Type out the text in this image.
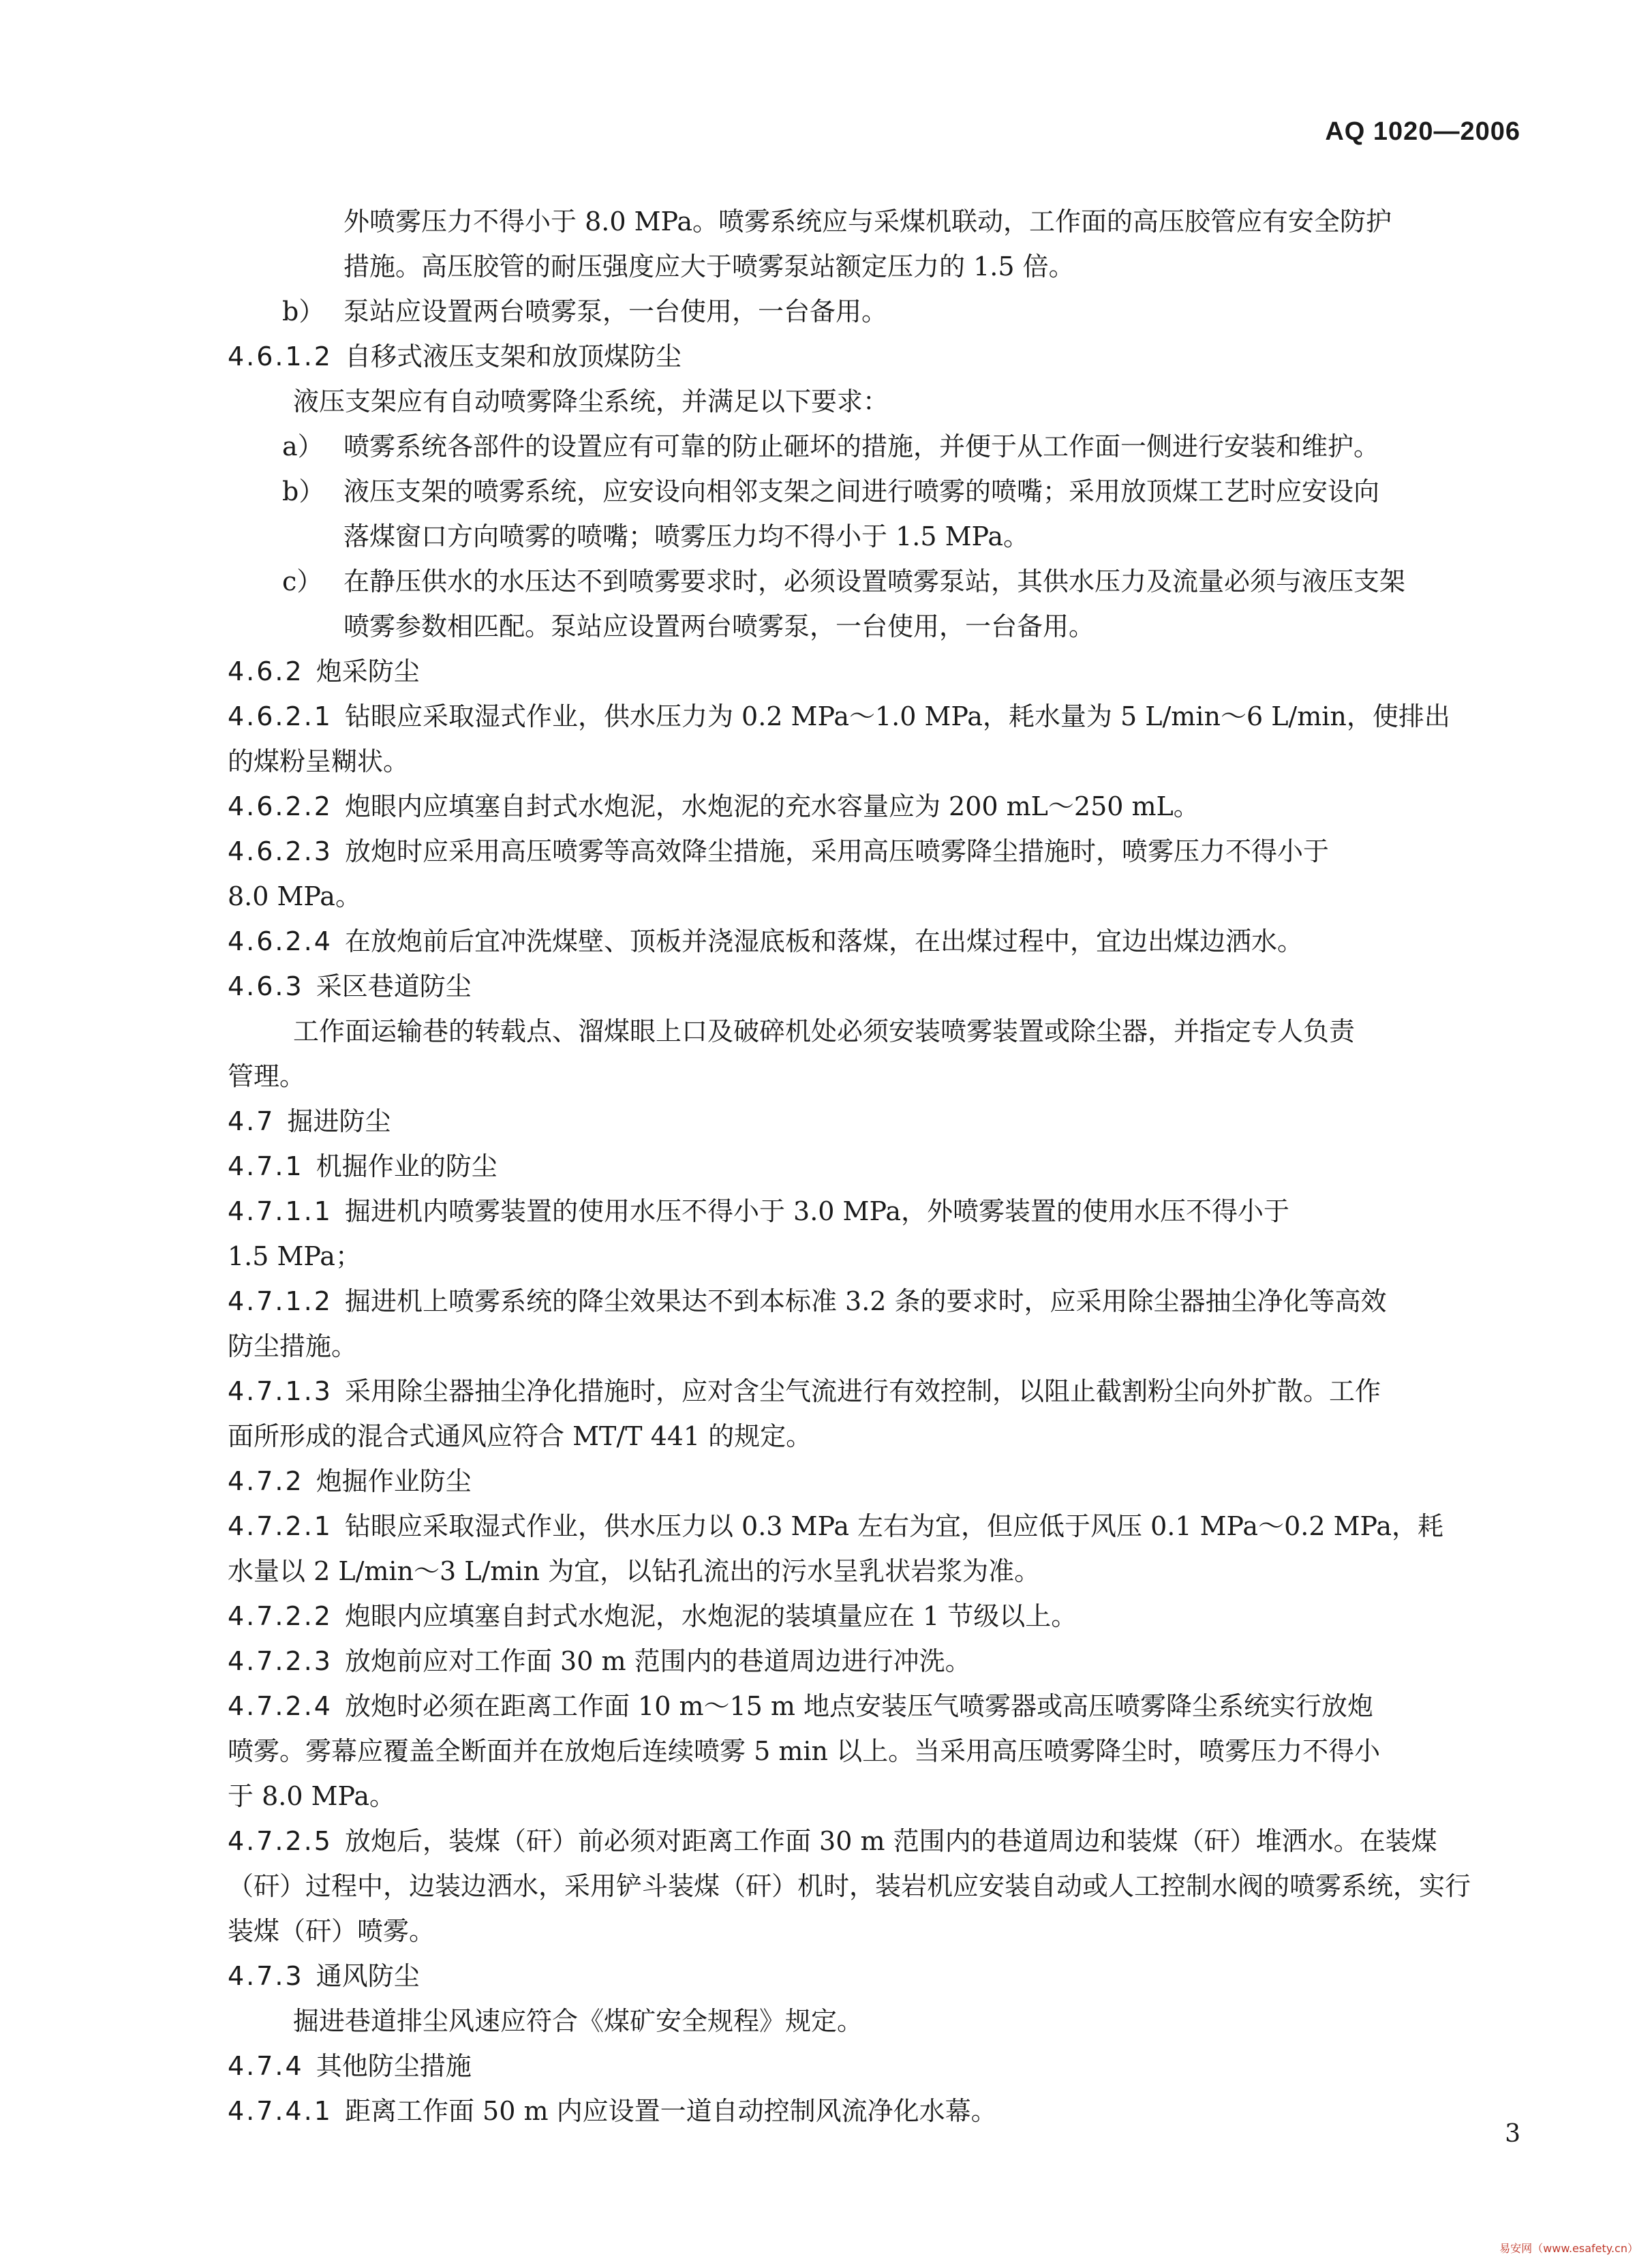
AQ 1020—2006
外喷雾压力不得小于 8.0 MPa。喷雾系统应与采煤机联动，工作面的高压胶管应有安全防护
措施。高压胶管的耐压强度应大于喷雾泵站额定压力的 1.5 倍。
b） 泵站应设置两台喷雾泵，一台使用，一台备用。
4.6.1.2 自移式液压支架和放顶煤防尘
液压支架应有自动喷雾降尘系统，并满足以下要求：
a） 喷雾系统各部件的设置应有可靠的防止砸坏的措施，并便于从工作面一侧进行安装和维护。
b） 液压支架的喷雾系统，应安设向相邻支架之间进行喷雾的喷嘴；采用放顶煤工艺时应安设向
落煤窗口方向喷雾的喷嘴；喷雾压力均不得小于 1.5 MPa。
c） 在静压供水的水压达不到喷雾要求时，必须设置喷雾泵站，其供水压力及流量必须与液压支架
喷雾参数相匹配。泵站应设置两台喷雾泵，一台使用，一台备用。
4.6.2 炮采防尘
4.6.2.1 钻眼应采取湿式作业，供水压力为 0.2 MPa～1.0 MPa，耗水量为 5 L/min～6 L/min，使排出
的煤粉呈糊状。
4.6.2.2 炮眼内应填塞自封式水炮泥，水炮泥的充水容量应为 200 mL～250 mL。
4.6.2.3 放炮时应采用高压喷雾等高效降尘措施，采用高压喷雾降尘措施时，喷雾压力不得小于
8.0 MPa。
4.6.2.4 在放炮前后宜冲洗煤壁、顶板并浇湿底板和落煤，在出煤过程中，宜边出煤边洒水。
4.6.3 采区巷道防尘
工作面运输巷的转载点、溜煤眼上口及破碎机处必须安装喷雾装置或除尘器，并指定专人负责
管理。
4.7 掘进防尘
4.7.1 机掘作业的防尘
4.7.1.1 掘进机内喷雾装置的使用水压不得小于 3.0 MPa，外喷雾装置的使用水压不得小于
1.5 MPa；
4.7.1.2 掘进机上喷雾系统的降尘效果达不到本标准 3.2 条的要求时，应采用除尘器抽尘净化等高效
防尘措施。
4.7.1.3 采用除尘器抽尘净化措施时，应对含尘气流进行有效控制，以阻止截割粉尘向外扩散。工作
面所形成的混合式通风应符合 MT/T 441 的规定。
4.7.2 炮掘作业防尘
4.7.2.1 钻眼应采取湿式作业，供水压力以 0.3 MPa 左右为宜，但应低于风压 0.1 MPa～0.2 MPa，耗
水量以 2 L/min～3 L/min 为宜，以钻孔流出的污水呈乳状岩浆为准。
4.7.2.2 炮眼内应填塞自封式水炮泥，水炮泥的装填量应在 1 节级以上。
4.7.2.3 放炮前应对工作面 30 m 范围内的巷道周边进行冲洗。
4.7.2.4 放炮时必须在距离工作面 10 m～15 m 地点安装压气喷雾器或高压喷雾降尘系统实行放炮
喷雾。雾幕应覆盖全断面并在放炮后连续喷雾 5 min 以上。当采用高压喷雾降尘时，喷雾压力不得小
于 8.0 MPa。
4.7.2.5 放炮后，装煤（矸）前必须对距离工作面 30 m 范围内的巷道周边和装煤（矸）堆洒水。在装煤
（矸）过程中，边装边洒水，采用铲斗装煤（矸）机时，装岩机应安装自动或人工控制水阀的喷雾系统，实行
装煤（矸）喷雾。
4.7.3 通风防尘
掘进巷道排尘风速应符合《煤矿安全规程》规定。
4.7.4 其他防尘措施
4.7.4.1 距离工作面 50 m 内应设置一道自动控制风流净化水幕。
3
易安网（www.esafety.cn）
